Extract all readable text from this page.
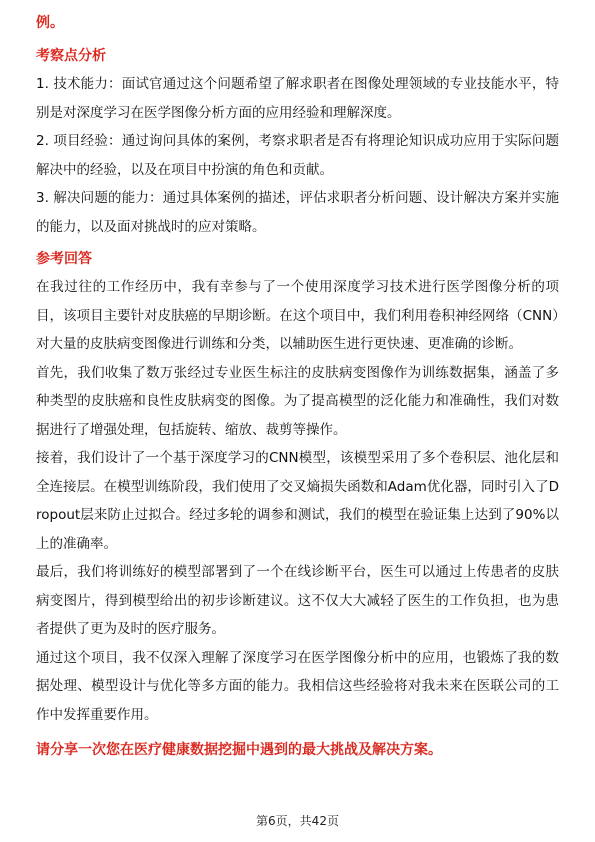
例。
考察点分析

1. 技术能力：面试官通过这个问题希望了解求职者在图像处理领域的专业技能水平，特别是对深度学习在医学图像分析方面的应用经验和理解深度。

2. 项目经验：通过询问具体的案例，考察求职者是否有将理论知识成功应用于实际问题解决中的经验，以及在项目中扮演的角色和贡献。

3. 解决问题的能力：通过具体案例的描述，评估求职者分析问题、设计解决方案并实施的能力，以及面对挑战时的应对策略。

参考回答

在我过往的工作经历中，我有幸参与了一个使用深度学习技术进行医学图像分析的项目，该项目主要针对皮肤癌的早期诊断。在这个项目中，我们利用卷积神经网络（CNN）对大量的皮肤病变图像进行训练和分类，以辅助医生进行更快速、更准确的诊断。

首先，我们收集了数万张经过专业医生标注的皮肤病变图像作为训练数据集，涵盖了多种类型的皮肤癌和良性皮肤病变的图像。为了提高模型的泛化能力和准确性，我们对数据进行了增强处理，包括旋转、缩放、裁剪等操作。

接着，我们设计了一个基于深度学习的CNN模型，该模型采用了多个卷积层、池化层和全连接层。在模型训练阶段，我们使用了交叉熵损失函数和Adam优化器，同时引入了Dropout层来防止过拟合。经过多轮的调参和测试，我们的模型在验证集上达到了90%以上的准确率。

最后，我们将训练好的模型部署到了一个在线诊断平台，医生可以通过上传患者的皮肤病变图片，得到模型给出的初步诊断建议。这不仅大大减轻了医生的工作负担，也为患者提供了更为及时的医疗服务。

通过这个项目，我不仅深入理解了深度学习在医学图像分析中的应用，也锻炼了我的数据处理、模型设计与优化等多方面的能力。我相信这些经验将对我未来在医联公司的工作中发挥重要作用。

请分享一次您在医疗健康数据挖掘中遇到的最大挑战及解决方案。
第6页，共42页
